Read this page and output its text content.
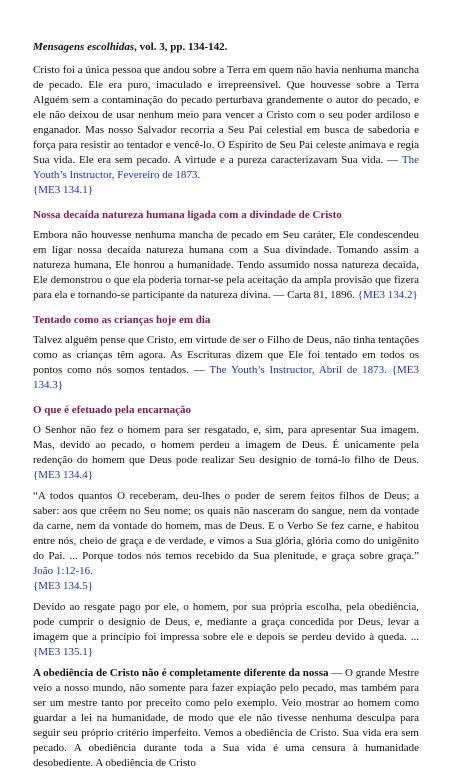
Mensagens escolhidas, vol. 3, pp. 134-142.

Cristo foi a única pessoa que andou sobre a Terra em quem não havia nenhuma mancha de pecado. Ele era puro, imaculado e irrepreensível. Que houvesse sobre a Terra Alguém sem a contaminação do pecado perturbava grandemente o autor do pecado, e ele não deixou de usar nenhum meio para vencer a Cristo com o seu poder ardiloso e enganador. Mas nosso Salvador recorria a Seu Pai celestial em busca de sabedoria e força para resistir ao tentador e vencê-lo. O Espírito de Seu Pai celeste animava e regia Sua vida. Ele era sem pecado. A virtude e a pureza caracterizavam Sua vida. — The Youth’s Instructor, Fevereiro de 1873.
{ME3 134.1}

Nossa decaída natureza humana ligada com a divindade de Cristo

Embora não houvesse nenhuma mancha de pecado em Seu caráter, Ele condescendeu em ligar nossa decaída natureza humana com a Sua divindade. Tomando assim a natureza humana, Ele honrou a humanidade. Tendo assumido nossa natureza decaída, Ele demonstrou o que ela poderia tornar-se pela aceitação da ampla provisão que fizera para ela e tornando-se participante da natureza divina. — Carta 81, 1896. {ME3 134.2}

Tentado como as crianças hoje em dia

Talvez alguém pense que Cristo, em virtude de ser o Filho de Deus, não tinha tentações como as crianças têm agora. As Escrituras dizem que Ele foi tentado em todos os pontos como nós somos tentados. — The Youth’s Instructor, Abril de 1873. {ME3 134.3}

O que é efetuado pela encarnação

O Senhor não fez o homem para ser resgatado, e, sim, para apresentar Sua imagem. Mas, devido ao pecado, o homem perdeu a imagem de Deus. É unicamente pela redenção do homem que Deus pode realizar Seu desígnio de torná-lo filho de Deus. {ME3 134.4}

“A todos quantos O receberam, deu-lhes o poder de serem feitos filhos de Deus; a saber: aos que crêem no Seu nome; os quais não nasceram do sangue, nem da vontade da carne, nem da vontade do homem, mas de Deus. E o Verbo Se fez carne, e habitou entre nós, cheio de graça e de verdade, e vimos a Sua glória, glória como do unigênito do Pai. ... Porque todos nós temos recebido da Sua plenitude, e graça sobre graça.” João 1:12-16.
{ME3 134.5}

Devido ao resgate pago por ele, o homem, por sua própria escolha, pela obediência, pode cumprir o desígnio de Deus, e, mediante a graça concedida por Deus, levar a imagem que a princípio foi impressa sobre ele e depois se perdeu devido à queda. ... {ME3 135.1}

A obediência de Cristo não é completamente diferente da nossa — O grande Mestre veio a nosso mundo, não somente para fazer expiação pelo pecado, mas também para ser um mestre tanto por preceito como pelo exemplo. Veio mostrar ao homem como guardar a lei na humanidade, de modo que ele não tivesse nenhuma desculpa para seguir seu próprio critério imperfeito. Vemos a obediência de Cristo. Sua vida era sem pecado. A obediência durante toda a Sua vida é uma censura à humanidade desobediente. A obediência de Cristo
